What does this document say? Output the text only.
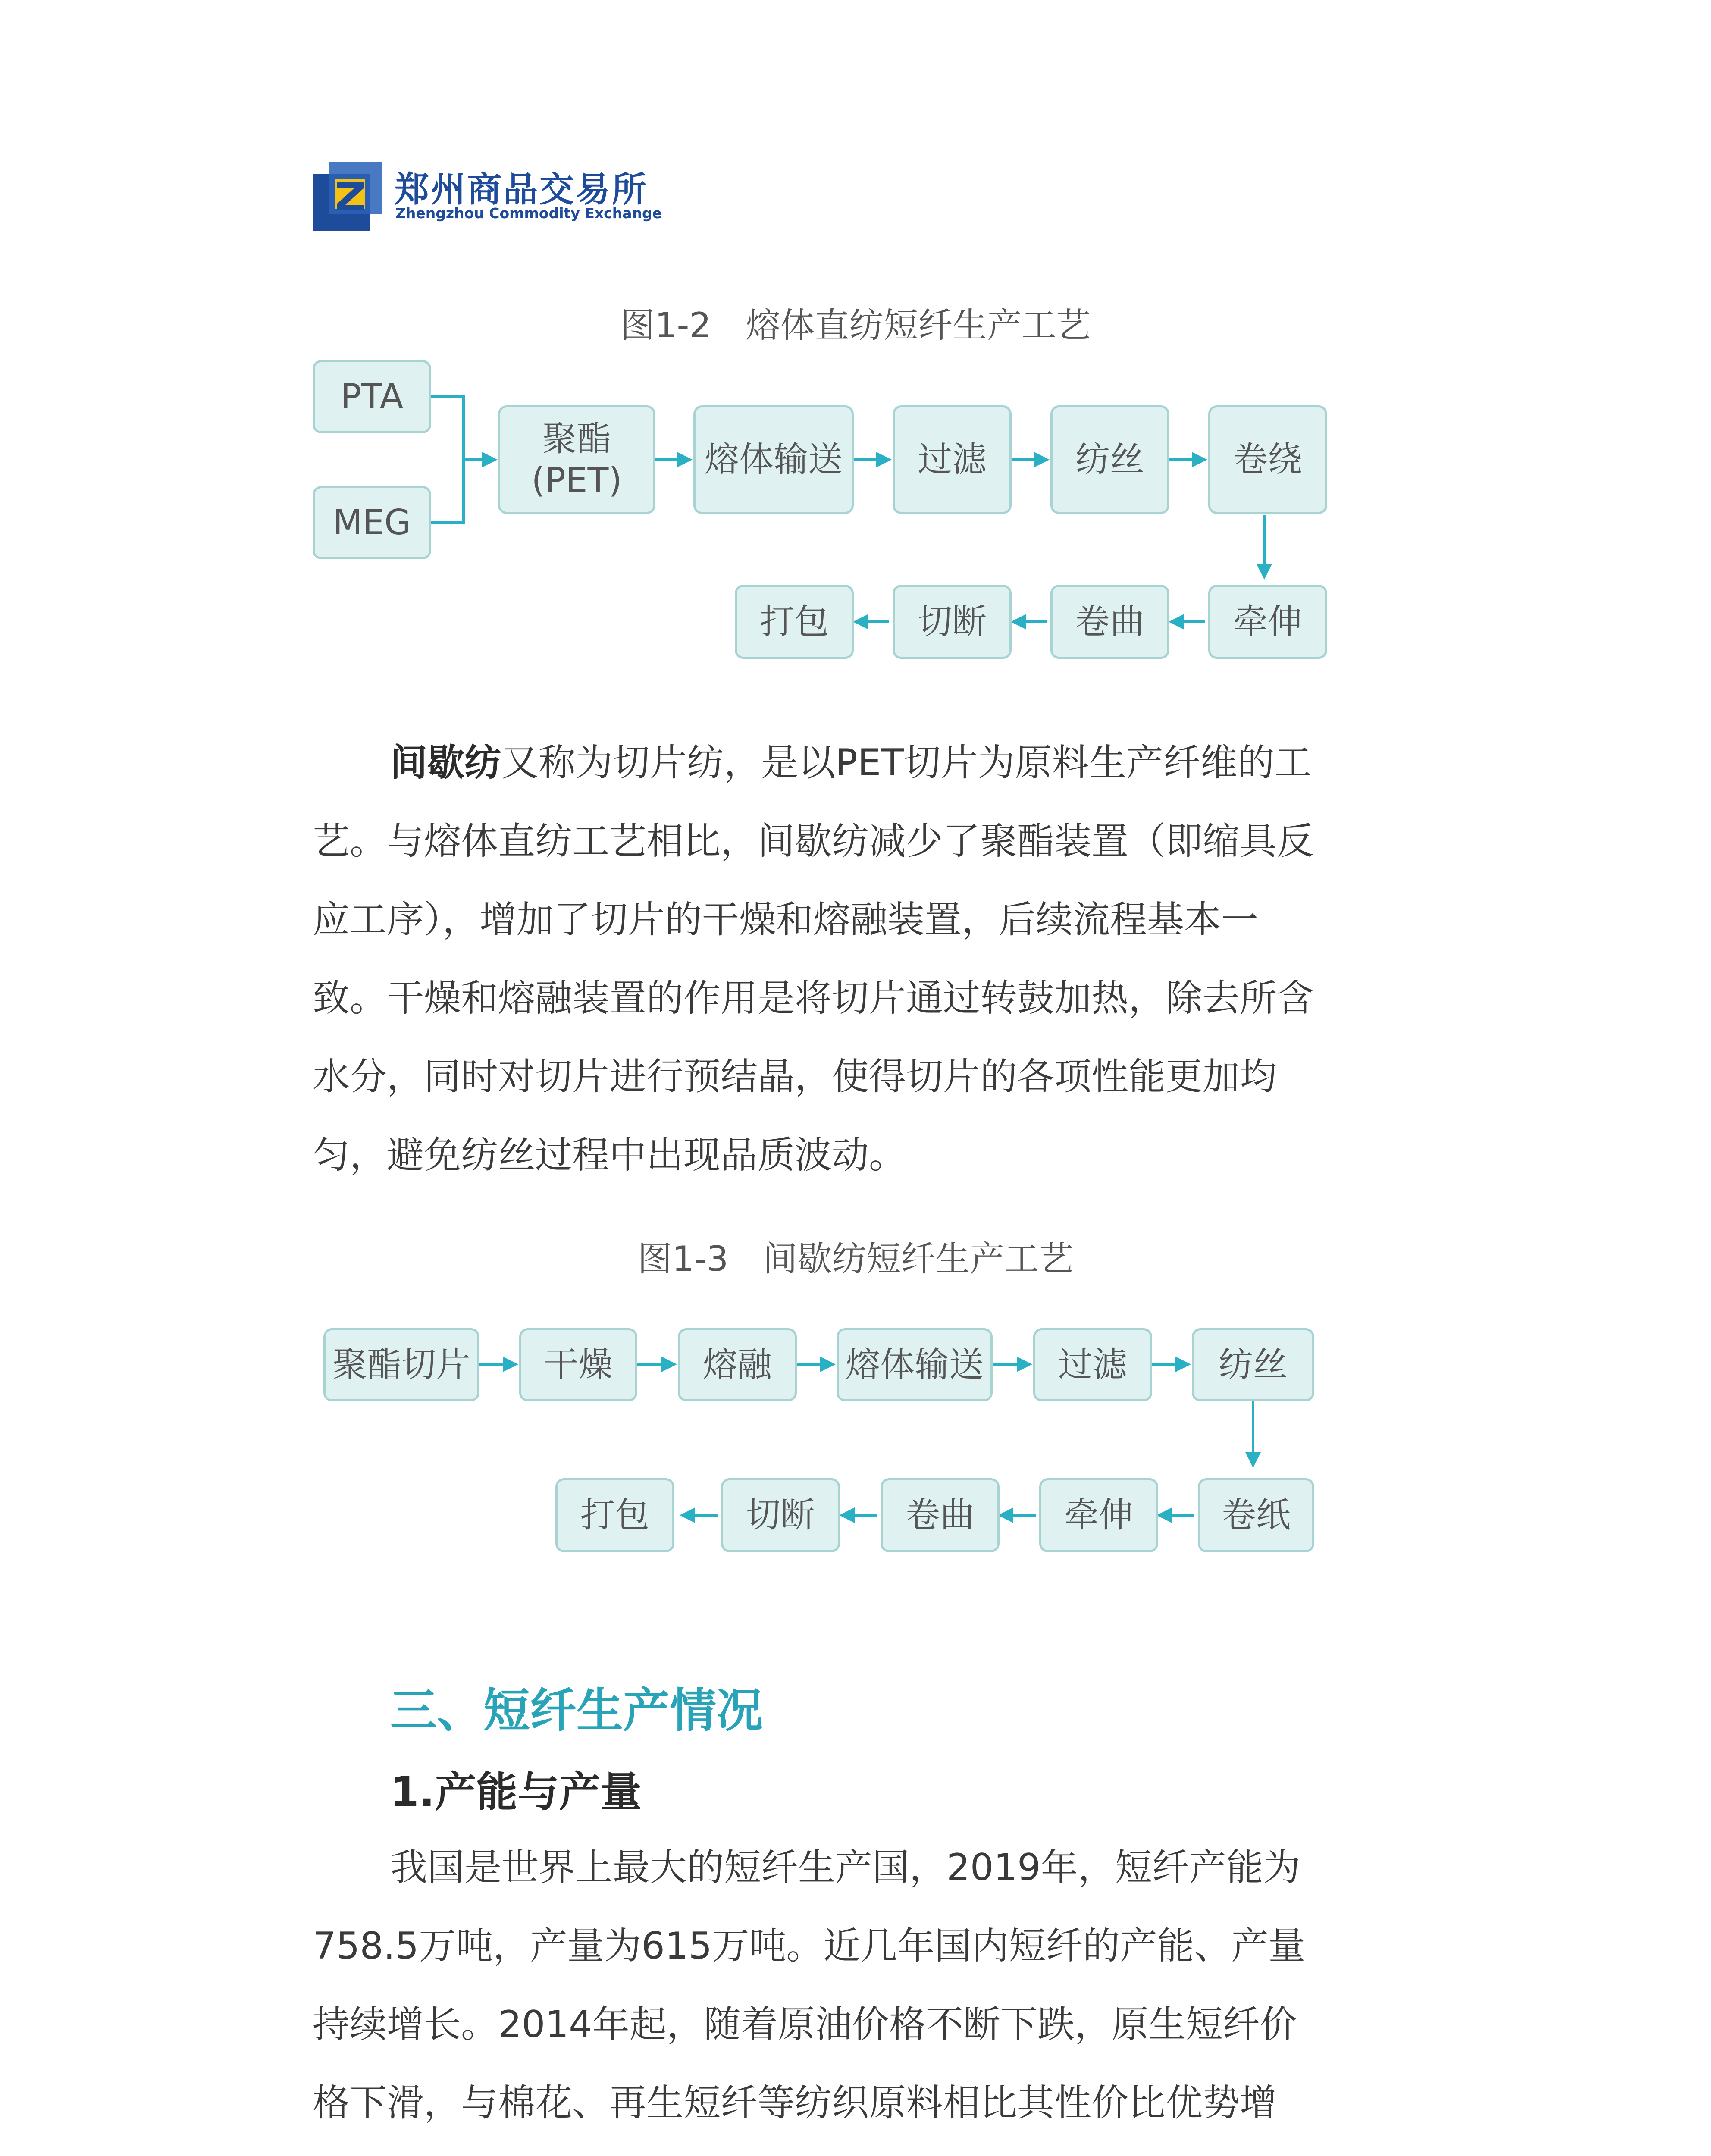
郑州商品交易所
Zhengzhou Commodity Exchange
图1-2　熔体直纺短纤生产工艺
PTA
MEG
聚酯
(PET)
熔体输送	过滤	纺丝	卷绕
打包	切断	卷曲	牵伸
间歇纺又称为切片纺，是以PET切片为原料生产纤维的工艺。与熔体直纺工艺相比，间歇纺减少了聚酯装置（即缩具反应工序），增加了切片的干燥和熔融装置，后续流程基本一致。干燥和熔融装置的作用是将切片通过转鼓加热，除去所含水分，同时对切片进行预结晶，使得切片的各项性能更加均匀，避免纺丝过程中出现品质波动。
图1-3　间歇纺短纤生产工艺
聚酯切片	干燥	熔融	熔体输送	过滤	纺丝
打包	切断	卷曲	牵伸	卷纸
三、短纤生产情况
1.产能与产量
我国是世界上最大的短纤生产国，2019年，短纤产能为758.5万吨，产量为615万吨。近几年国内短纤的产能、产量持续增长。2014年起，随着原油价格不断下跌，原生短纤价格下滑，与棉花、再生短纤等纺织原料相比其性价比优势增
